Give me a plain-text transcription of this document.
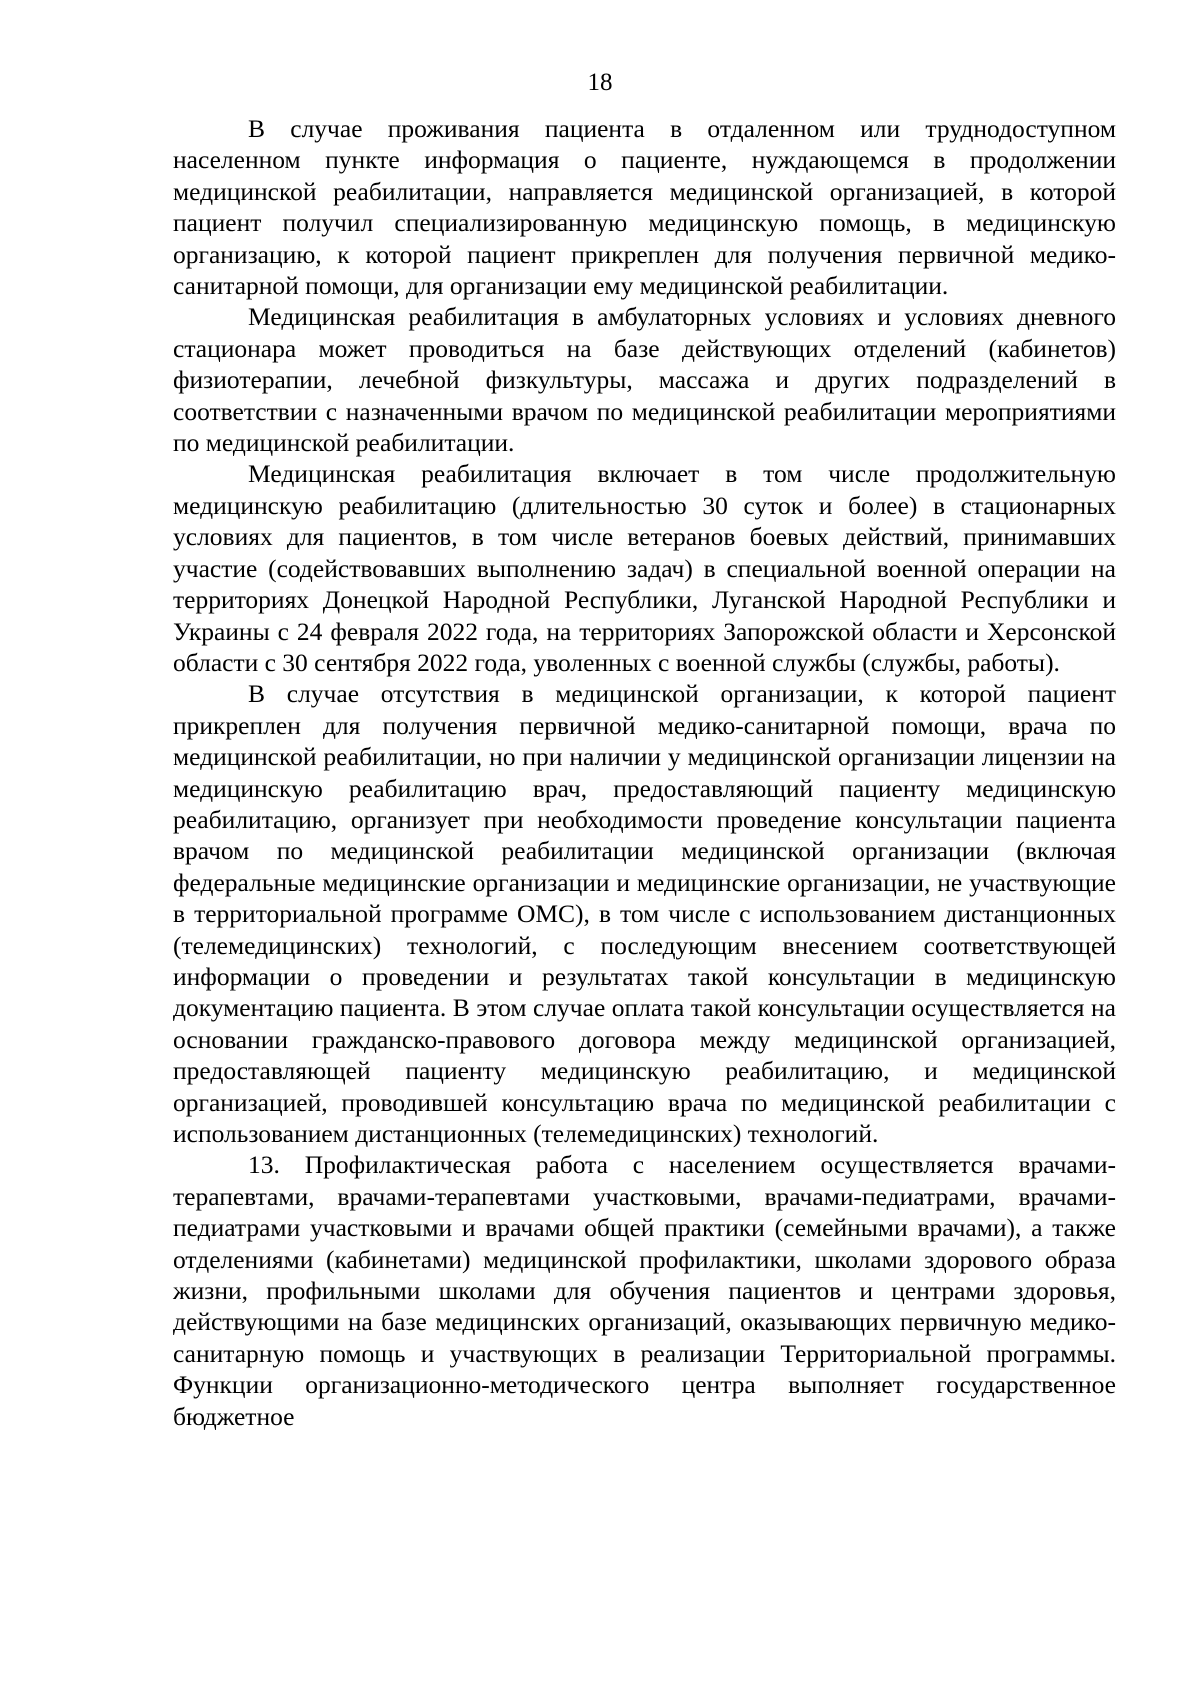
18

В случае проживания пациента в отдаленном или труднодоступном населенном пункте информация о пациенте, нуждающемся в продолжении медицинской реабилитации, направляется медицинской организацией, в которой пациент получил специализированную медицинскую помощь, в медицинскую организацию, к которой пациент прикреплен для получения первичной медико-санитарной помощи, для организации ему медицинской реабилитации.

Медицинская реабилитация в амбулаторных условиях и условиях дневного стационара может проводиться на базе действующих отделений (кабинетов) физиотерапии, лечебной физкультуры, массажа и других подразделений в соответствии с назначенными врачом по медицинской реабилитации мероприятиями по медицинской реабилитации.

Медицинская реабилитация включает в том числе продолжительную медицинскую реабилитацию (длительностью 30 суток и более) в стационарных условиях для пациентов, в том числе ветеранов боевых действий, принимавших участие (содействовавших выполнению задач) в специальной военной операции на территориях Донецкой Народной Республики, Луганской Народной Республики и Украины с 24 февраля 2022 года, на территориях Запорожской области и Херсонской области с 30 сентября 2022 года, уволенных с военной службы (службы, работы).

В случае отсутствия в медицинской организации, к которой пациент прикреплен для получения первичной медико-санитарной помощи, врача по медицинской реабилитации, но при наличии у медицинской организации лицензии на медицинскую реабилитацию врач, предоставляющий пациенту медицинскую реабилитацию, организует при необходимости проведение консультации пациента врачом по медицинской реабилитации медицинской организации (включая федеральные медицинские организации и медицинские организации, не участвующие в территориальной программе ОМС), в том числе с использованием дистанционных (телемедицинских) технологий, с последующим внесением соответствующей информации о проведении и результатах такой консультации в медицинскую документацию пациента. В этом случае оплата такой консультации осуществляется на основании гражданско-правового договора между медицинской организацией, предоставляющей пациенту медицинскую реабилитацию, и медицинской организацией, проводившей консультацию врача по медицинской реабилитации с использованием дистанционных (телемедицинских) технологий.

13. Профилактическая работа с населением осуществляется врачами-терапевтами, врачами-терапевтами участковыми, врачами-педиатрами, врачами-педиатрами участковыми и врачами общей практики (семейными врачами), а также отделениями (кабинетами) медицинской профилактики, школами здорового образа жизни, профильными школами для обучения пациентов и центрами здоровья, действующими на базе медицинских организаций, оказывающих первичную медико-санитарную помощь и участвующих в реализации Территориальной программы. Функции организационно-методического центра выполняет государственное бюджетное
